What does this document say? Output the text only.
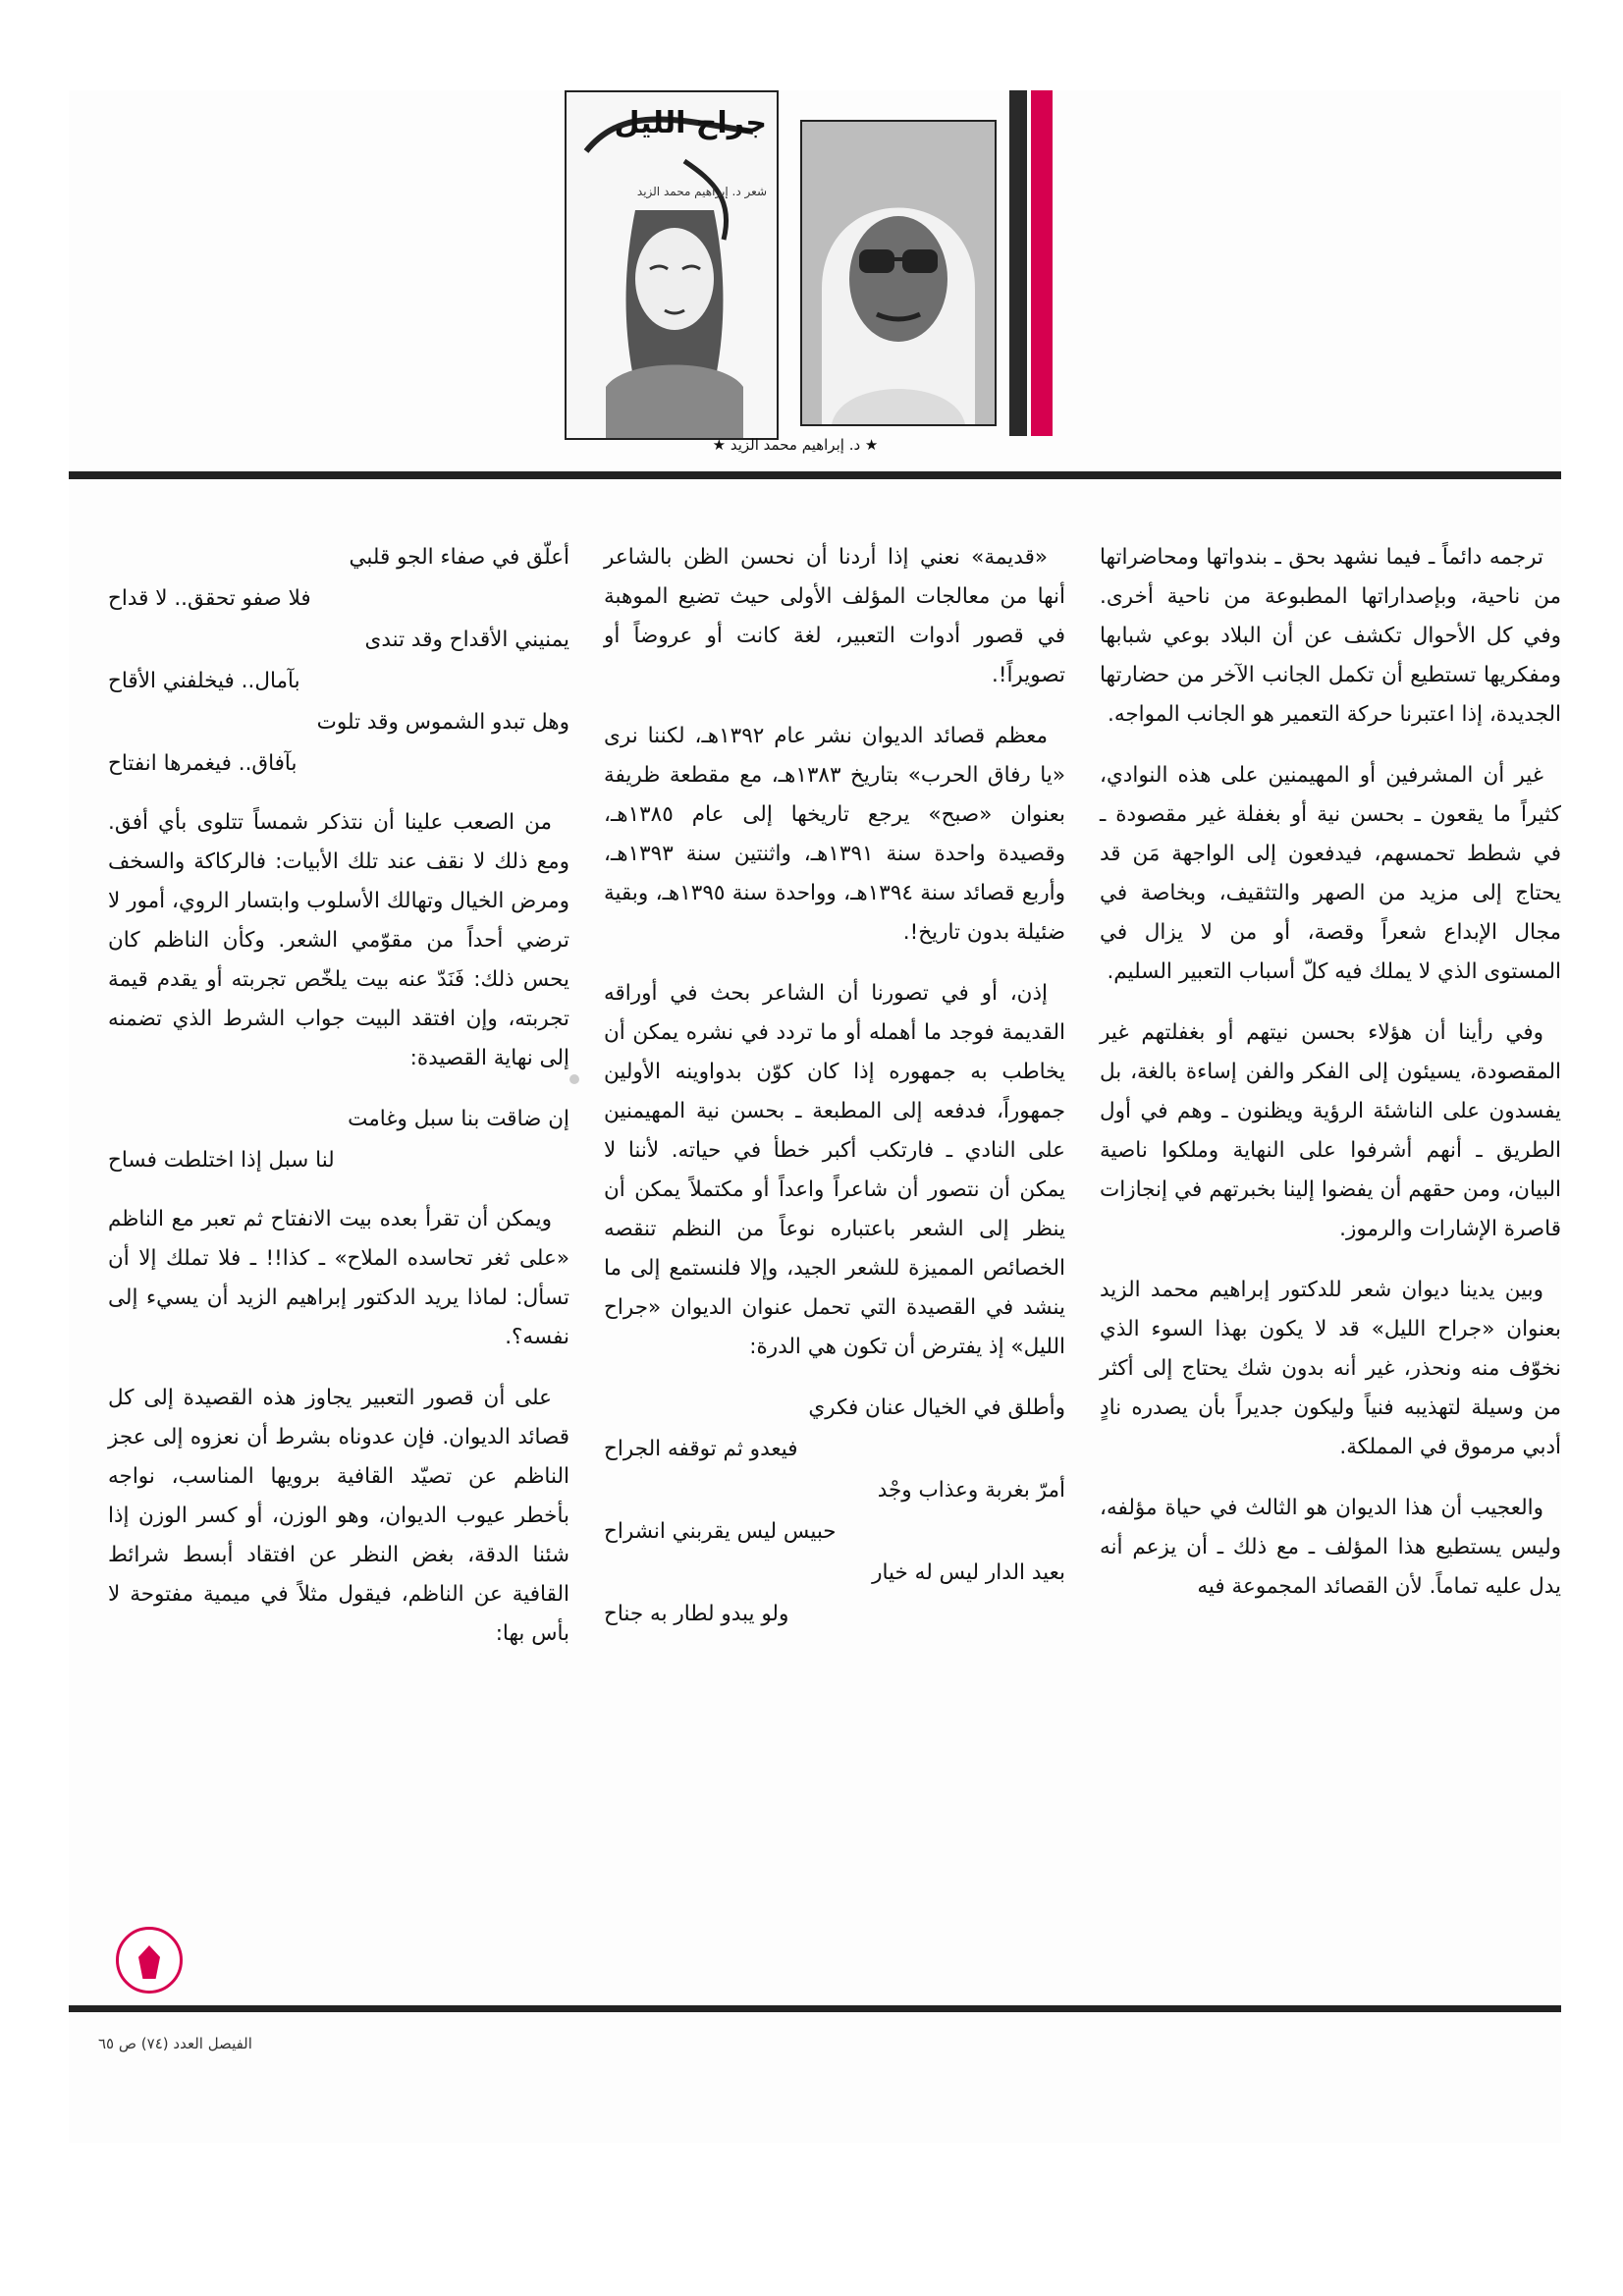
جراح الليل
شعر د. إبراهيم محمد الزيد
★ د. إبراهيم محمد الزيد ★

ترجمه دائماً ـ فيما نشهد بحق ـ بندواتها ومحاضراتها من ناحية، وبإصداراتها المطبوعة من ناحية أخرى. وفي كل الأحوال تكشف عن أن البلاد بوعي شبابها ومفكريها تستطيع أن تكمل الجانب الآخر من حضارتها الجديدة، إذا اعتبرنا حركة التعمير هو الجانب المواجه.

غير أن المشرفين أو المهيمنين على هذه النوادي، كثيراً ما يقعون ـ بحسن نية أو بغفلة غير مقصودة ـ في شطط تحمسهم، فيدفعون إلى الواجهة مَن قد يحتاج إلى مزيد من الصهر والتثقيف، وبخاصة في مجال الإبداع شعراً وقصة، أو من لا يزال في المستوى الذي لا يملك فيه كلّ أسباب التعبير السليم.

وفي رأينا أن هؤلاء بحسن نيتهم أو بغفلتهم غير المقصودة، يسيئون إلى الفكر والفن إساءة بالغة، بل يفسدون على الناشئة الرؤية ويظنون ـ وهم في أول الطريق ـ أنهم أشرفوا على النهاية وملكوا ناصية البيان، ومن حقهم أن يفضوا إلينا بخبرتهم في إنجازات قاصرة الإشارات والرموز.

وبين يدينا ديوان شعر للدكتور إبراهيم محمد الزيد بعنوان «جراح الليل» قد لا يكون بهذا السوء الذي نخوّف منه ونحذر، غير أنه بدون شك يحتاج إلى أكثر من وسيلة لتهذيبه فنياً وليكون جديراً بأن يصدره نادٍ أدبي مرموق في المملكة.

والعجيب أن هذا الديوان هو الثالث في حياة مؤلفه، وليس يستطيع هذا المؤلف ـ مع ذلك ـ أن يزعم أنه يدل عليه تماماً. لأن القصائد المجموعة فيه

«قديمة» نعني إذا أردنا أن نحسن الظن بالشاعر أنها من معالجات المؤلف الأولى حيث تضيع الموهبة في قصور أدوات التعبير، لغة كانت أو عروضاً أو تصويراً!.

معظم قصائد الديوان نشر عام ١٣٩٢هـ، لكننا نرى «يا رفاق الحرب» بتاريخ ١٣٨٣هـ، مع مقطعة ظريفة بعنوان «صبح» يرجع تاريخها إلى عام ١٣٨٥هـ، وقصيدة واحدة سنة ١٣٩١هـ، واثنتين سنة ١٣٩٣هـ، وأربع قصائد سنة ١٣٩٤هـ، وواحدة سنة ١٣٩٥هـ، وبقية ضئيلة بدون تاريخ!.

إذن، أو في تصورنا أن الشاعر بحث في أوراقه القديمة فوجد ما أهمله أو ما تردد في نشره يمكن أن يخاطب به جمهوره إذا كان كوّن بدواوينه الأولين جمهوراً، فدفعه إلى المطبعة ـ بحسن نية المهيمنين على النادي ـ فارتكب أكبر خطأ في حياته. لأننا لا يمكن أن نتصور أن شاعراً واعداً أو مكتملاً يمكن أن ينظر إلى الشعر باعتباره نوعاً من النظم تنقصه الخصائص المميزة للشعر الجيد، وإلا فلنستمع إلى ما ينشد في القصيدة التي تحمل عنوان الديوان «جراح الليل» إذ يفترض أن تكون هي الدرة:

وأطلق في الخيال عنان فكري

فيعدو ثم توقفه الجراح

أمرّ بغربة وعذاب وجْد

حبيس ليس يقربني انشراح

بعيد الدار ليس له خيار

ولو يبدو لطار به جناح

أعلّق في صفاء الجو قلبي

فلا صفو تحقق.. لا قداح

يمنيني الأقداح وقد تندى

بآمال.. فيخلفني الأقاح

وهل تبدو الشموس وقد تلوت

بآفاق.. فيغمرها انفتاح

من الصعب علينا أن نتذكر شمساً تتلوى بأي أفق. ومع ذلك لا نقف عند تلك الأبيات: فالركاكة والسخف ومرض الخيال وتهالك الأسلوب وابتسار الروي، أمور لا ترضي أحداً من مقوّمي الشعر. وكأن الناظم كان يحس ذلك: فَنَدّ عنه بيت يلخّص تجربته أو يقدم قيمة تجربته، وإن افتقد البيت جواب الشرط الذي تضمنه إلى نهاية القصيدة:

إن ضاقت بنا سبل وغامت

لنا سبل إذا اختلطت فساح

ويمكن أن تقرأ بعده بيت الانفتاح ثم تعبر مع الناظم «على ثغر تحاسده الملاح» ـ كذا!! ـ فلا تملك إلا أن تسأل: لماذا يريد الدكتور إبراهيم الزيد أن يسيء إلى نفسه؟.

على أن قصور التعبير يجاوز هذه القصيدة إلى كل قصائد الديوان. فإن عدوناه بشرط أن نعزوه إلى عجز الناظم عن تصيّد القافية برويها المناسب، نواجه بأخطر عيوب الديوان، وهو الوزن، أو كسر الوزن إذا شئنا الدقة، بغض النظر عن افتقاد أبسط شرائط القافية عن الناظم، فيقول مثلاً في ميمية مفتوحة لا بأس بها:

الفيصل العدد (٧٤) ص ٦٥
